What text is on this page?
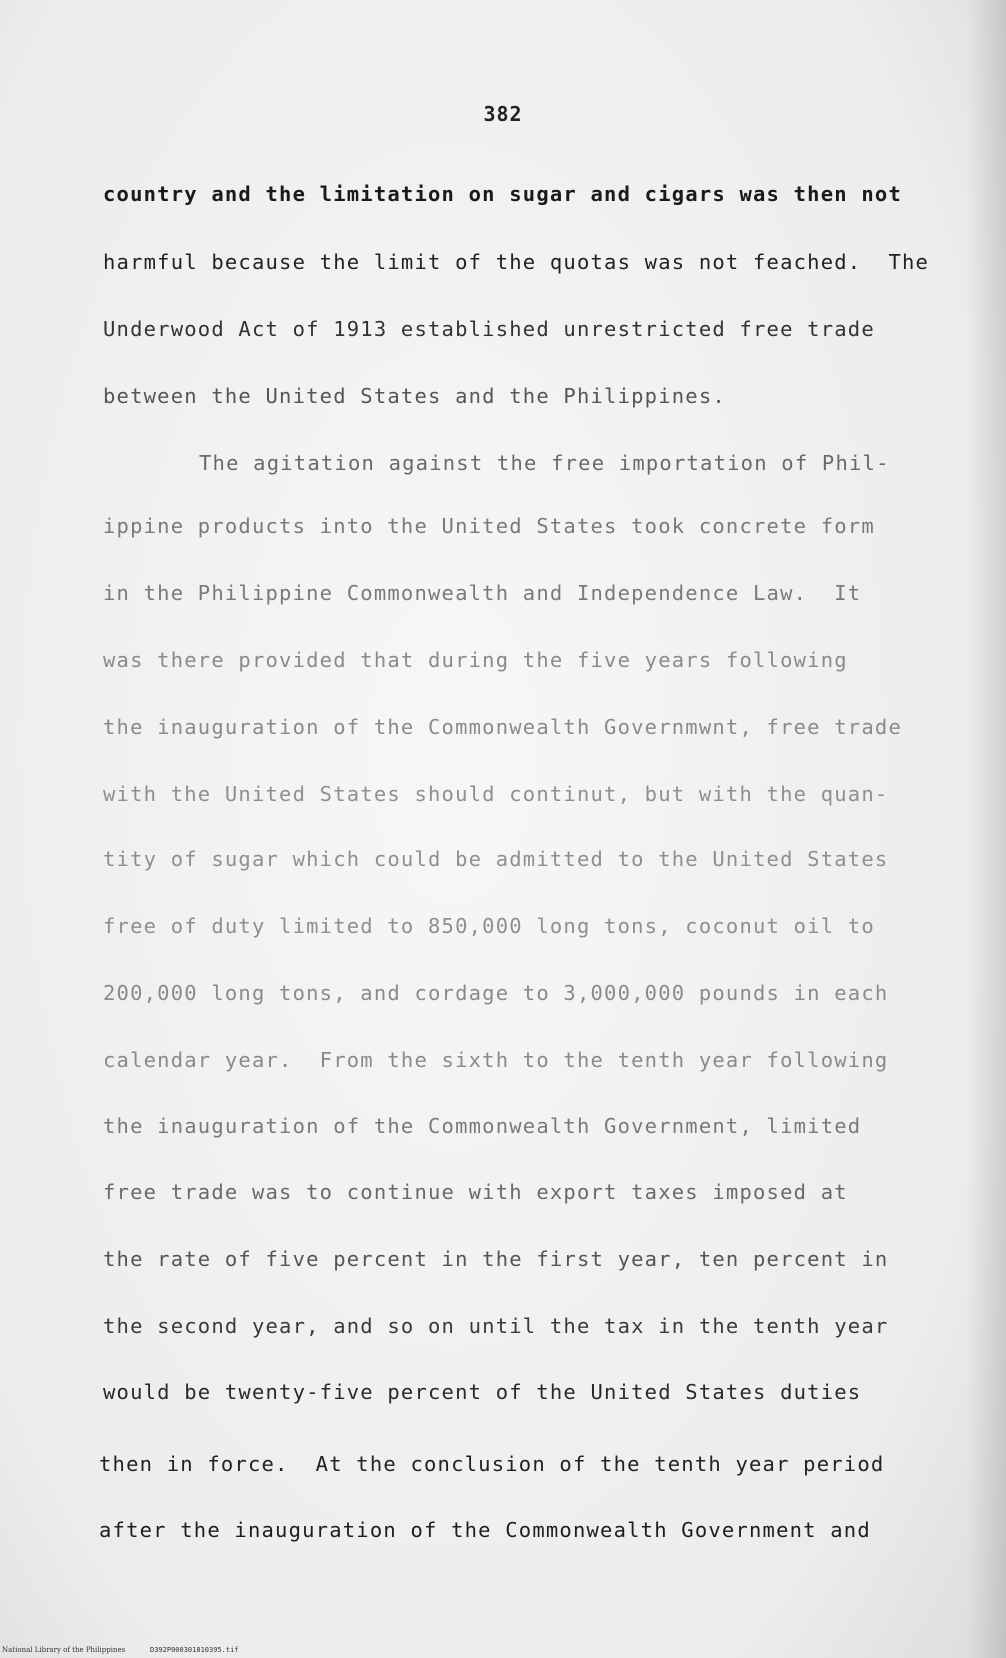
382
country and the limitation on sugar and cigars was then not
harmful because the limit of the quotas was not feached.  The
Underwood Act of 1913 established unrestricted free trade
between the United States and the Philippines.
The agitation against the free importation of Phil-
ippine products into the United States took concrete form
in the Philippine Commonwealth and Independence Law.  It
was there provided that during the five years following
the inauguration of the Commonwealth Governmwnt, free trade
with the United States should continut, but with the quan-
tity of sugar which could be admitted to the United States
free of duty limited to 850,000 long tons, coconut oil to
200,000 long tons, and cordage to 3,000,000 pounds in each
calendar year.  From the sixth to the tenth year following
the inauguration of the Commonwealth Government, limited
free trade was to continue with export taxes imposed at
the rate of five percent in the first year, ten percent in
the second year, and so on until the tax in the tenth year
would be twenty-five percent of the United States duties
then in force.  At the conclusion of the tenth year period
after the inauguration of the Commonwealth Government and
National Library of the Philippines	D392P000301810395.tif
